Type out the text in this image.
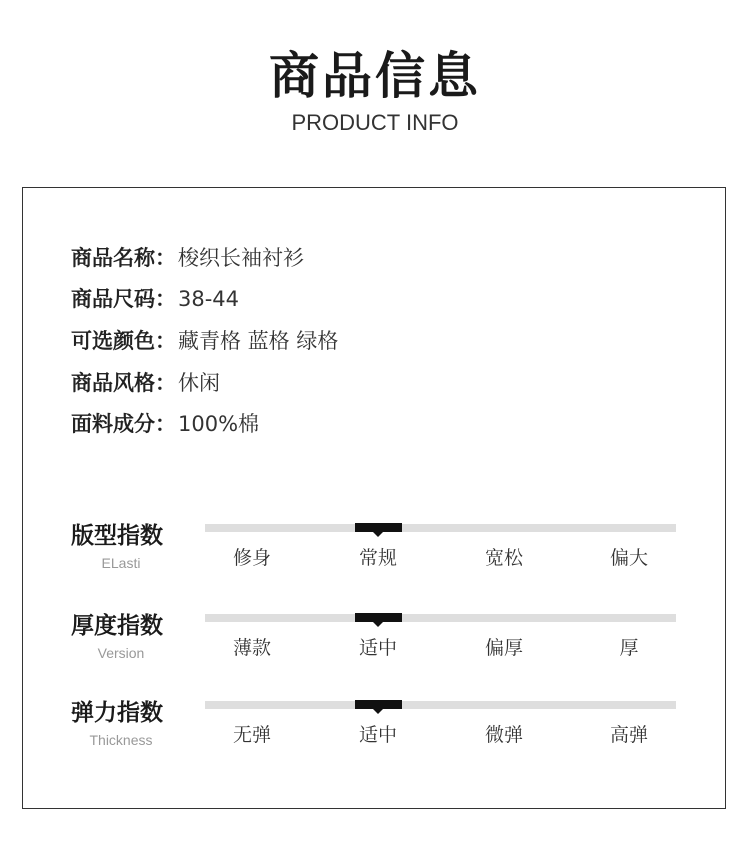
商品信息
PRODUCT INFO
商品名称：梭织长袖衬衫
商品尺码：38-44
可选颜色：藏青格 蓝格 绿格
商品风格：休闲
面料成分：100%棉
版型指数
ELasti	修身	常规	宽松	偏大
厚度指数
Version	薄款	适中	偏厚	厚
弹力指数
Thickness	无弹	适中	微弹	高弹
